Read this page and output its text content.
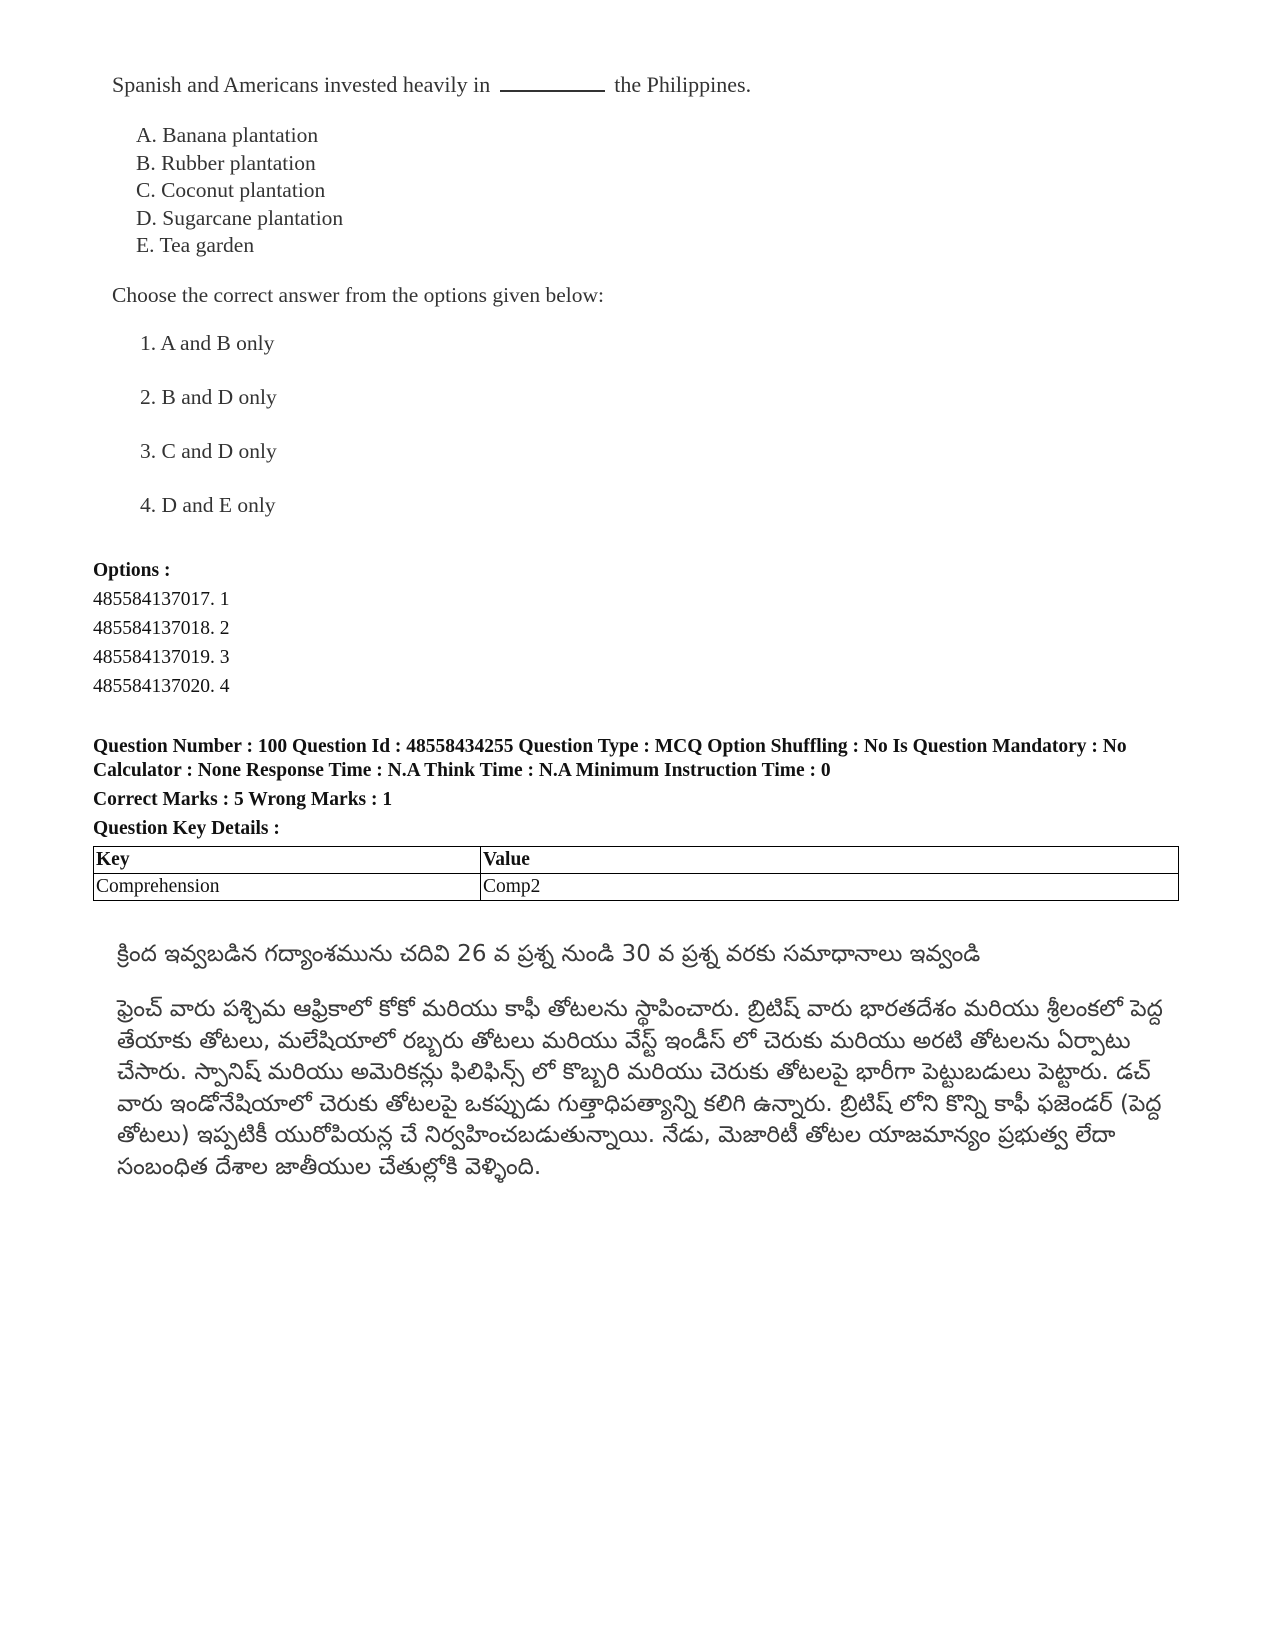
Spanish and Americans invested heavily in	the Philippines.

A. Banana plantation
B. Rubber plantation
C. Coconut plantation
D. Sugarcane plantation
E. Tea garden

Choose the correct answer from the options given below:

1. A and B only
2. B and D only
3. C and D only
4. D and E only
Options :
485584137017. 1
485584137018. 2
485584137019. 3
485584137020. 4

Question Number : 100 Question Id : 48558434255 Question Type : MCQ Option Shuffling : No Is Question Mandatory : No Calculator : None Response Time : N.A Think Time : N.A Minimum Instruction Time : 0

Correct Marks : 5 Wrong Marks : 1

Question Key Details :

Key	Value
Comprehension	Comp2

క్రింద ఇవ్వబడిన గద్యాంశమును చదివి 26 వ ప్రశ్న నుండి 30 వ ప్రశ్న వరకు సమాధానాలు ఇవ్వండి

ఫ్రెంచ్ వారు పశ్చిమ ఆఫ్రికాలో కోకో మరియు కాఫీ తోటలను స్థాపించారు. బ్రిటిష్ వారు భారతదేశం మరియు శ్రీలంకలో పెద్ద తేయాకు తోటలు, మలేషియాలో రబ్బరు తోటలు మరియు వేస్ట్ ఇండీస్ లో చెరుకు మరియు అరటి తోటలను ఏర్పాటు చేసారు. స్పానిష్ మరియు అమెరికన్లు ఫిలిఫిన్స్ లో కొబ్బరి మరియు చెరుకు తోటలపై భారీగా పెట్టుబడులు పెట్టారు. డచ్ వారు ఇండోనేషియాలో చెరుకు తోటలపై ఒకప్పుడు గుత్తాధిపత్యాన్ని కలిగి ఉన్నారు. బ్రిటిష్ లోని కొన్ని కాఫీ ఫజెండర్ (పెద్ద తోటలు) ఇప్పటికీ యురోపియన్ల చే నిర్వహించబడుతున్నాయి. నేడు, మెజారిటీ తోటల యాజమాన్యం ప్రభుత్వ లేదా సంబంధిత దేశాల జాతీయుల చేతుల్లోకి వెళ్ళింది.
